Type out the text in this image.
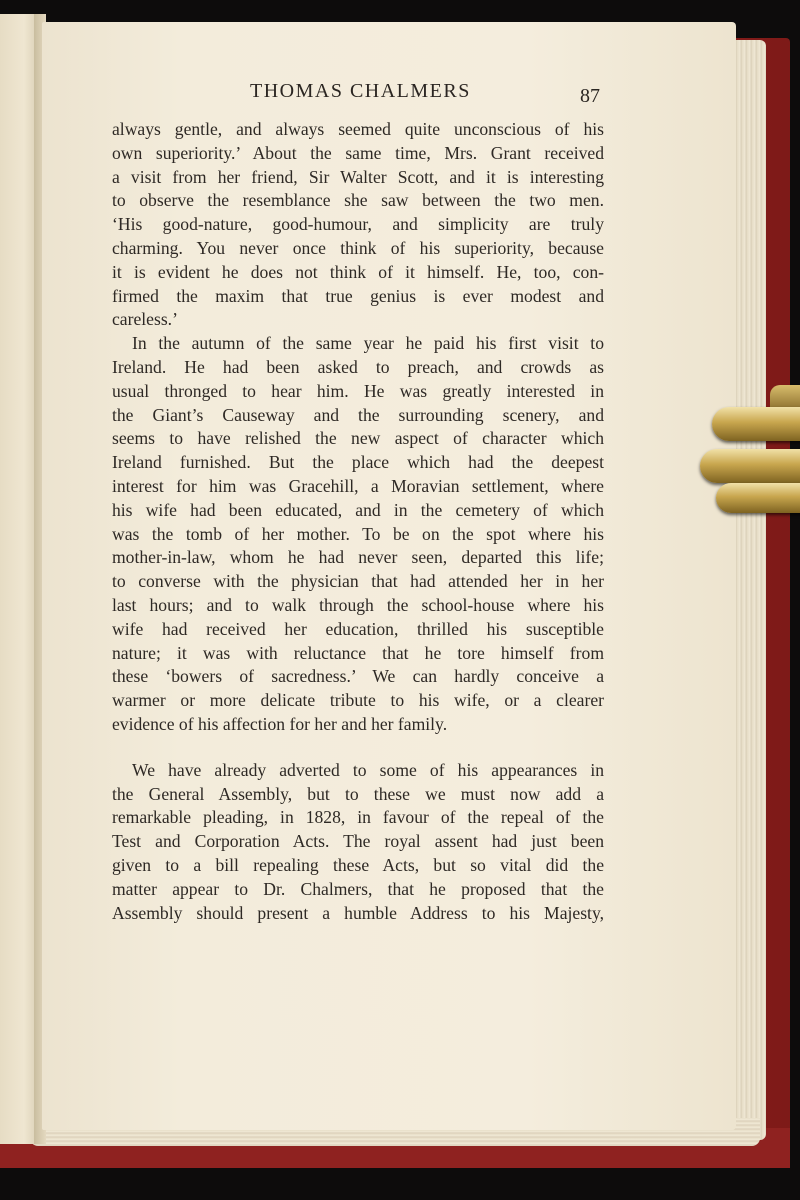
THOMAS CHALMERS	87
always gentle, and always seemed quite unconscious of his
own superiority.’ About the same time, Mrs. Grant received
a visit from her friend, Sir Walter Scott, and it is interesting
to observe the resemblance she saw between the two men.
‘His good-nature, good-humour, and simplicity are truly
charming. You never once think of his superiority, because
it is evident he does not think of it himself. He, too, con-
firmed the maxim that true genius is ever modest and
careless.’
In the autumn of the same year he paid his first visit to
Ireland. He had been asked to preach, and crowds as
usual thronged to hear him. He was greatly interested in
the Giant’s Causeway and the surrounding scenery, and
seems to have relished the new aspect of character which
Ireland furnished. But the place which had the deepest
interest for him was Gracehill, a Moravian settlement, where
his wife had been educated, and in the cemetery of which
was the tomb of her mother. To be on the spot where his
mother-in-law, whom he had never seen, departed this life;
to converse with the physician that had attended her in her
last hours; and to walk through the school-house where his
wife had received her education, thrilled his susceptible
nature; it was with reluctance that he tore himself from
these ‘bowers of sacredness.’ We can hardly conceive a
warmer or more delicate tribute to his wife, or a clearer
evidence of his affection for her and her family.
We have already adverted to some of his appearances in
the General Assembly, but to these we must now add a
remarkable pleading, in 1828, in favour of the repeal of the
Test and Corporation Acts. The royal assent had just been
given to a bill repealing these Acts, but so vital did the
matter appear to Dr. Chalmers, that he proposed that the
Assembly should present a humble Address to his Majesty,
